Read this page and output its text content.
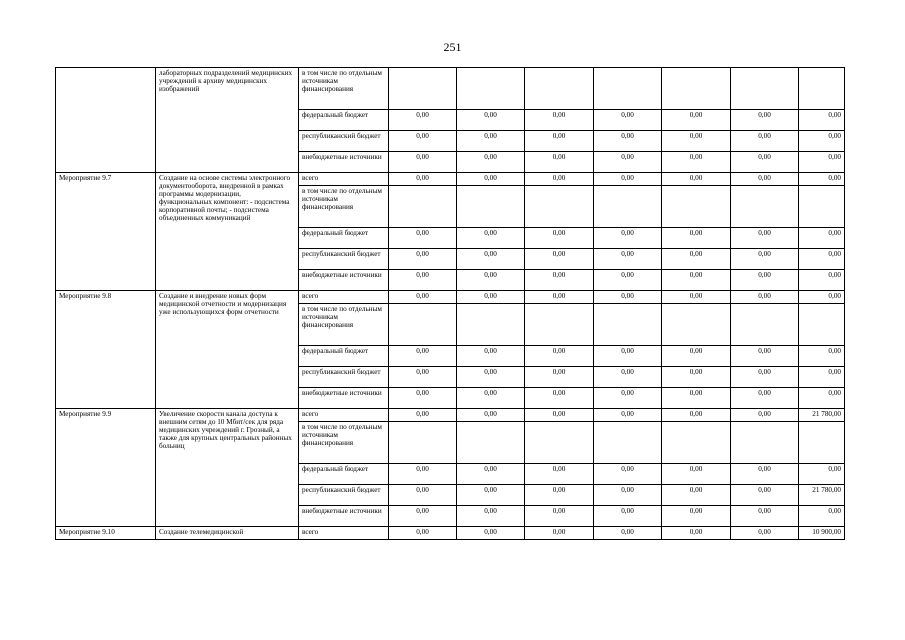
251
	лабораторных подразделений медицинских учреждений к архиву медицинских изображений	в том числе по отдельным источникам финансирования							
		федеральный бюджет	0,00	0,00	0,00	0,00	0,00	0,00	0,00
		республиканский бюджет	0,00	0,00	0,00	0,00	0,00	0,00	0,00
		внебюджетные источники	0,00	0,00	0,00	0,00	0,00	0,00	0,00
Мероприятие 9.7	Создание на основе системы электронного документооборота, внедренной в рамках программы модернизации, функциональных компонент: - подсистема корпоративной почты; - подсистема объединенных коммуникаций	всего	0,00	0,00	0,00	0,00	0,00	0,00	0,00
		в том числе по отдельным источникам финансирования							
		федеральный бюджет	0,00	0,00	0,00	0,00	0,00	0,00	0,00
		республиканский бюджет	0,00	0,00	0,00	0,00	0,00	0,00	0,00
		внебюджетные источники	0,00	0,00	0,00	0,00	0,00	0,00	0,00
Мероприятие 9.8	Создание и внедрение новых форм медицинской отчетности и модернизация уже использующихся форм отчетности	всего	0,00	0,00	0,00	0,00	0,00	0,00	0,00
		в том числе по отдельным источникам финансирования							
		федеральный бюджет	0,00	0,00	0,00	0,00	0,00	0,00	0,00
		республиканский бюджет	0,00	0,00	0,00	0,00	0,00	0,00	0,00
		внебюджетные источники	0,00	0,00	0,00	0,00	0,00	0,00	0,00
Мероприятие 9.9	Увеличение скорости канала доступа к внешним сетям до 10 Мбит/сек для ряда медицинских учреждений г. Грозный, а также для крупных центральных районных больниц	всего	0,00	0,00	0,00	0,00	0,00	0,00	21 780,00
		в том числе по отдельным источникам финансирования							
		федеральный бюджет	0,00	0,00	0,00	0,00	0,00	0,00	0,00
		республиканский бюджет	0,00	0,00	0,00	0,00	0,00	0,00	21 780,00
		внебюджетные источники	0,00	0,00	0,00	0,00	0,00	0,00	0,00
Мероприятие 9.10	Создание телемедицинской	всего	0,00	0,00	0,00	0,00	0,00	0,00	10 900,00
